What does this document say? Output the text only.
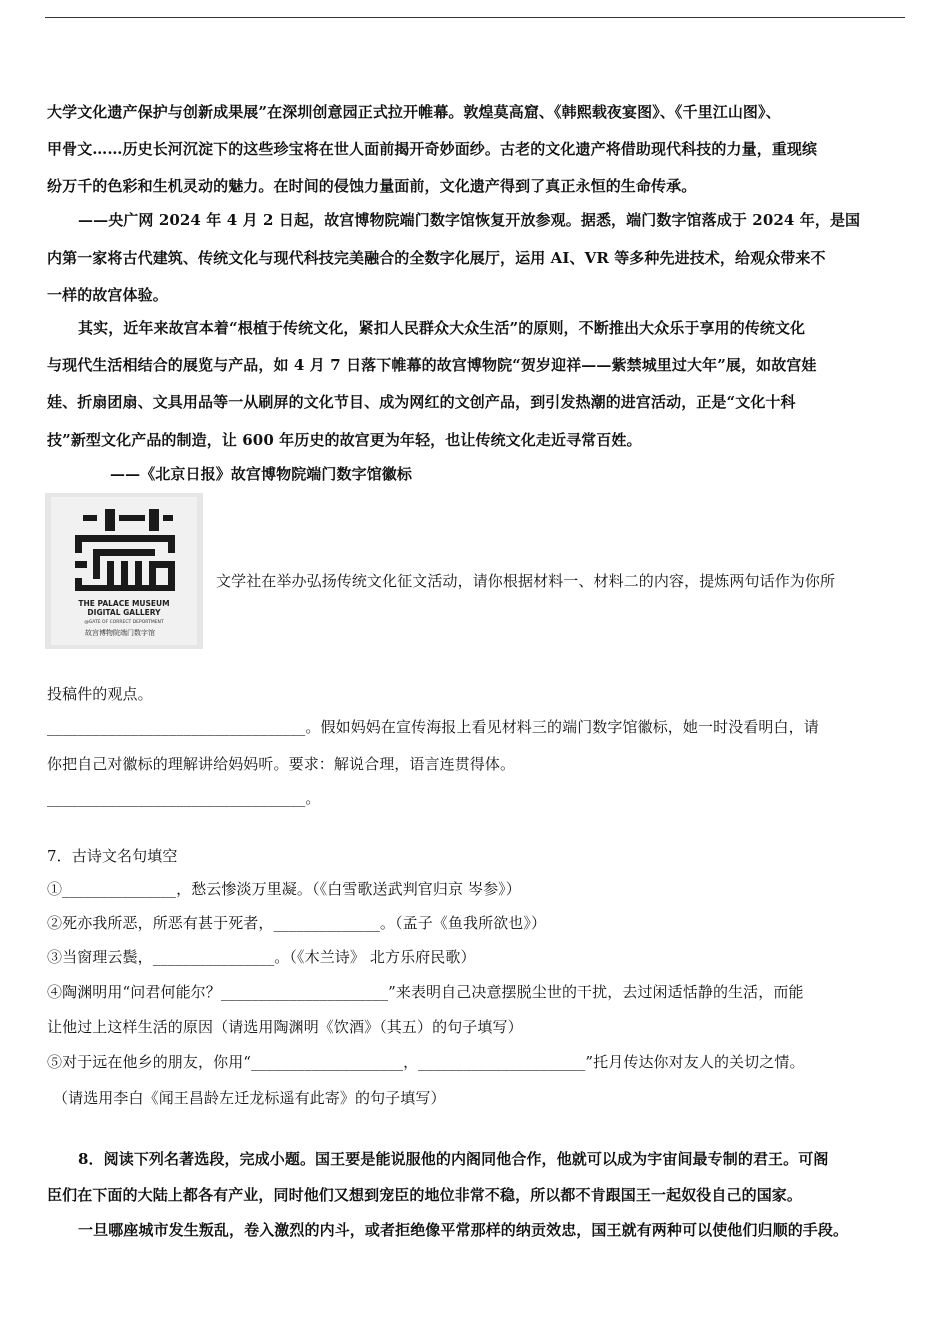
大学文化遗产保护与创新成果展”在深圳创意园正式拉开帷幕。敦煌莫高窟、《韩熙载夜宴图》、《千里江山图》、
甲骨文……历史长河沉淀下的这些珍宝将在世人面前揭开奇妙面纱。古老的文化遗产将借助现代科技的力量，重现缤
纷万千的色彩和生机灵动的魅力。在时间的侵蚀力量面前，文化遗产得到了真正永恒的生命传承。
——央广网 2024 年 4 月 2 日起，故宫博物院端门数字馆恢复开放参观。据悉，端门数字馆落成于 2024 年，是国
内第一家将古代建筑、传统文化与现代科技完美融合的全数字化展厅，运用 AI、VR 等多种先进技术，给观众带来不
一样的故宫体验。
其实，近年来故宫本着“根植于传统文化，紧扣人民群众大众生活”的原则，不断推出大众乐于享用的传统文化
与现代生活相结合的展览与产品，如 4 月 7 日落下帷幕的故宫博物院“贺岁迎祥——紫禁城里过大年”展，如故宫娃
娃、折扇团扇、文具用品等一从刷屏的文化节目、成为网红的文创产品，到引发热潮的进宫活动，正是“文化十科
技”新型文化产品的制造，让 600 年历史的故宫更为年轻，也让传统文化走近寻常百姓。
——《北京日报》故宫博物院端门数字馆徽标
THE PALACE MUSEUM
DIGITAL GALLERY
@GATE OF CORRECT DEPORTMENT
故宫博物院端门数字馆
文学社在举办弘扬传统文化征文活动，请你根据材料一、材料二的内容，提炼两句话作为你所
投稿件的观点。
__________________________________。假如妈妈在宣传海报上看见材料三的端门数字馆徽标，她一时没看明白，请
你把自己对徽标的理解讲给妈妈听。要求：解说合理，语言连贯得体。
__________________________________。
7．古诗文名句填空
①_______________，愁云惨淡万里凝。（《白雪歌送武判官归京 岑参》）
②死亦我所恶，所恶有甚于死者，______________。（孟子《鱼我所欲也》）
③当窗理云鬓，________________。（《木兰诗》 北方乐府民歌）
④陶渊明用“问君何能尔？______________________”来表明自己决意摆脱尘世的干扰，去过闲适恬静的生活，而能
让他过上这样生活的原因（请选用陶渊明《饮酒》（其五）的句子填写）
⑤对于远在他乡的朋友，你用“____________________，______________________”托月传达你对友人的关切之情。
（请选用李白《闻王昌龄左迁龙标遥有此寄》的句子填写）
8．阅读下列名著选段，完成小题。国王要是能说服他的内阁同他合作，他就可以成为宇宙间最专制的君王。可阁
臣们在下面的大陆上都各有产业，同时他们又想到宠臣的地位非常不稳，所以都不肯跟国王一起奴役自己的国家。
一旦哪座城市发生叛乱，卷入激烈的内斗，或者拒绝像平常那样的纳贡效忠，国王就有两种可以使他们归顺的手段。
